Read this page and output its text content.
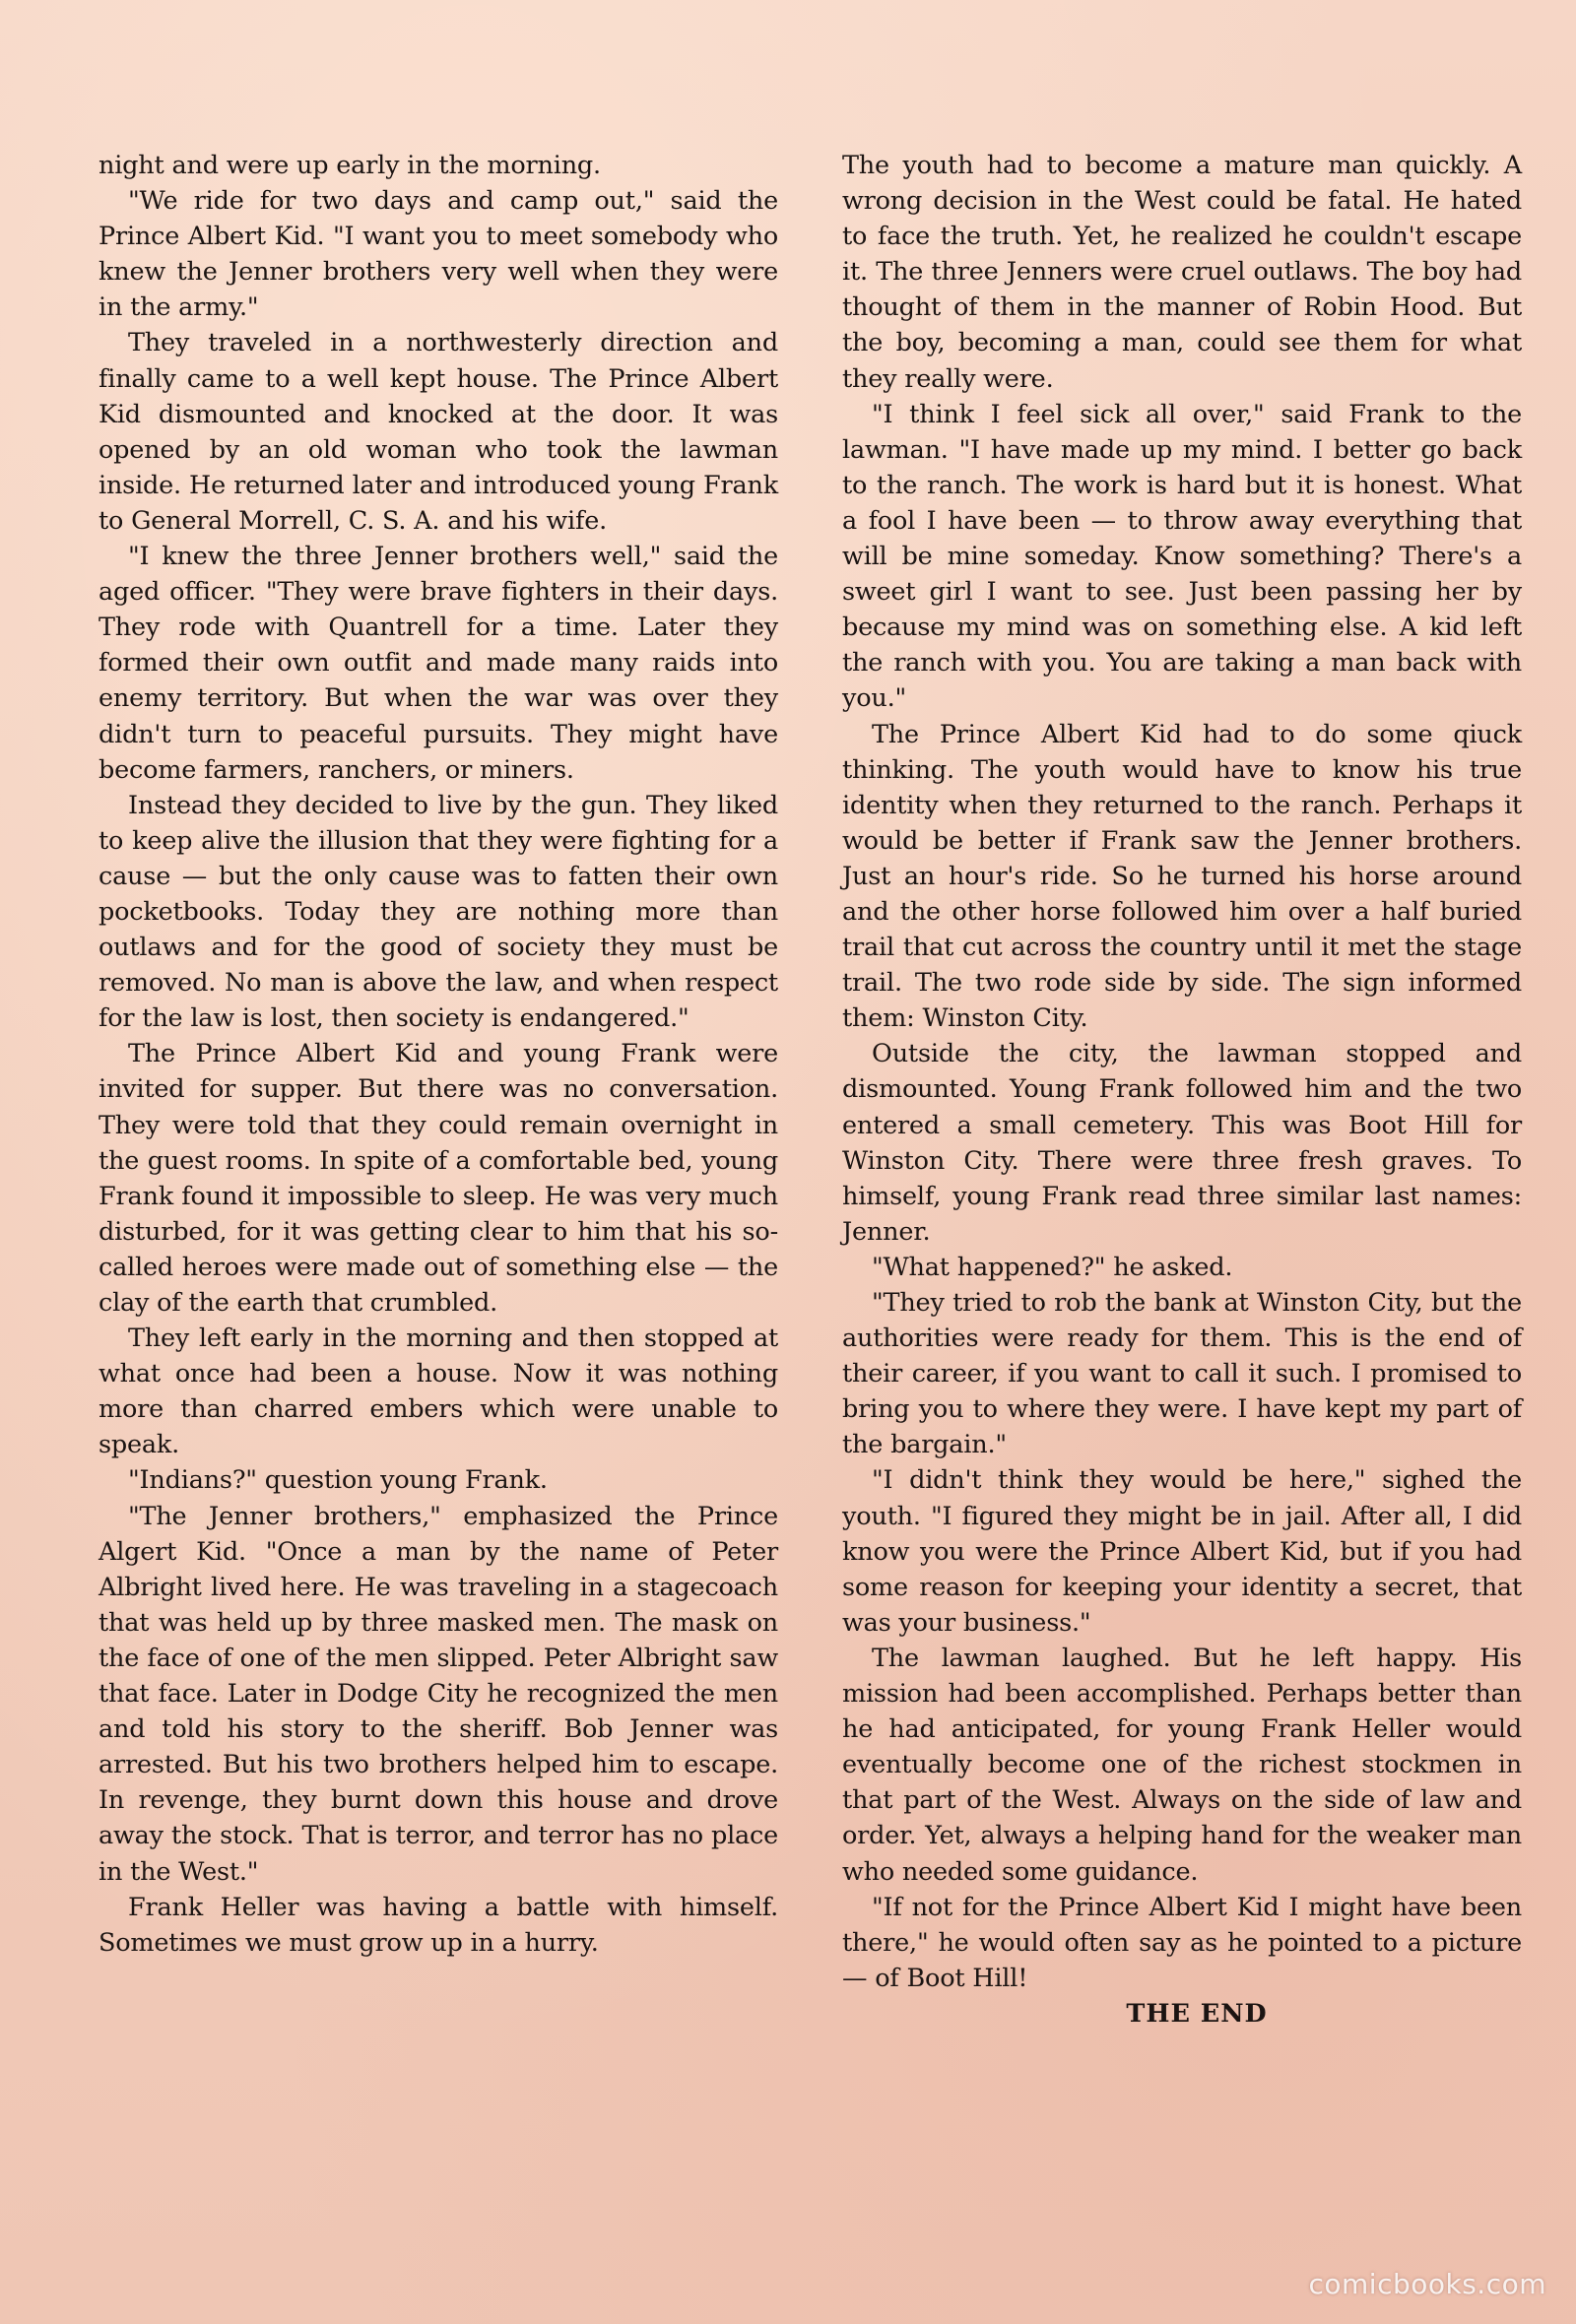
night and were up early in the morning.

"We ride for two days and camp out," said the Prince Albert Kid. "I want you to meet somebody who knew the Jenner brothers very well when they were in the army."

They traveled in a northwesterly direction and finally came to a well kept house. The Prince Albert Kid dismounted and knocked at the door. It was opened by an old woman who took the lawman inside. He returned later and introduced young Frank to General Morrell, C. S. A. and his wife.

"I knew the three Jenner brothers well," said the aged officer. "They were brave fighters in their days. They rode with Quantrell for a time. Later they formed their own outfit and made many raids into enemy territory. But when the war was over they didn't turn to peaceful pursuits. They might have become farmers, ranchers, or miners.

Instead they decided to live by the gun. They liked to keep alive the illusion that they were fighting for a cause — but the only cause was to fatten their own pocketbooks. Today they are nothing more than outlaws and for the good of society they must be removed. No man is above the law, and when respect for the law is lost, then society is endangered."

The Prince Albert Kid and young Frank were invited for supper. But there was no conversation. They were told that they could remain overnight in the guest rooms. In spite of a comfortable bed, young Frank found it impossible to sleep. He was very much disturbed, for it was getting clear to him that his so-called heroes were made out of something else — the clay of the earth that crumbled.

They left early in the morning and then stopped at what once had been a house. Now it was nothing more than charred embers which were unable to speak.

"Indians?" question young Frank.

"The Jenner brothers," emphasized the Prince Algert Kid. "Once a man by the name of Peter Albright lived here. He was traveling in a stagecoach that was held up by three masked men. The mask on the face of one of the men slipped. Peter Albright saw that face. Later in Dodge City he recognized the men and told his story to the sheriff. Bob Jenner was arrested. But his two brothers helped him to escape. In revenge, they burnt down this house and drove away the stock. That is terror, and terror has no place in the West."

Frank Heller was having a battle with himself. Sometimes we must grow up in a hurry.

The youth had to become a mature man quickly. A wrong decision in the West could be fatal. He hated to face the truth. Yet, he realized he couldn't escape it. The three Jenners were cruel outlaws. The boy had thought of them in the manner of Robin Hood. But the boy, becoming a man, could see them for what they really were.

"I think I feel sick all over," said Frank to the lawman. "I have made up my mind. I better go back to the ranch. The work is hard but it is honest. What a fool I have been — to throw away everything that will be mine someday. Know something? There's a sweet girl I want to see. Just been passing her by because my mind was on something else. A kid left the ranch with you. You are taking a man back with you."

The Prince Albert Kid had to do some qiuck thinking. The youth would have to know his true identity when they returned to the ranch. Perhaps it would be better if Frank saw the Jenner brothers. Just an hour's ride. So he turned his horse around and the other horse followed him over a half buried trail that cut across the country until it met the stage trail. The two rode side by side. The sign informed them: Winston City.

Outside the city, the lawman stopped and dismounted. Young Frank followed him and the two entered a small cemetery. This was Boot Hill for Winston City. There were three fresh graves. To himself, young Frank read three similar last names: Jenner.

"What happened?" he asked.

"They tried to rob the bank at Winston City, but the authorities were ready for them. This is the end of their career, if you want to call it such. I promised to bring you to where they were. I have kept my part of the bargain."

"I didn't think they would be here," sighed the youth. "I figured they might be in jail. After all, I did know you were the Prince Albert Kid, but if you had some reason for keeping your identity a secret, that was your business."

The lawman laughed. But he left happy. His mission had been accomplished. Perhaps better than he had anticipated, for young Frank Heller would eventually become one of the richest stockmen in that part of the West. Always on the side of law and order. Yet, always a helping hand for the weaker man who needed some guidance.

"If not for the Prince Albert Kid I might have been there," he would often say as he pointed to a picture — of Boot Hill!

THE END

comicbooks.com
